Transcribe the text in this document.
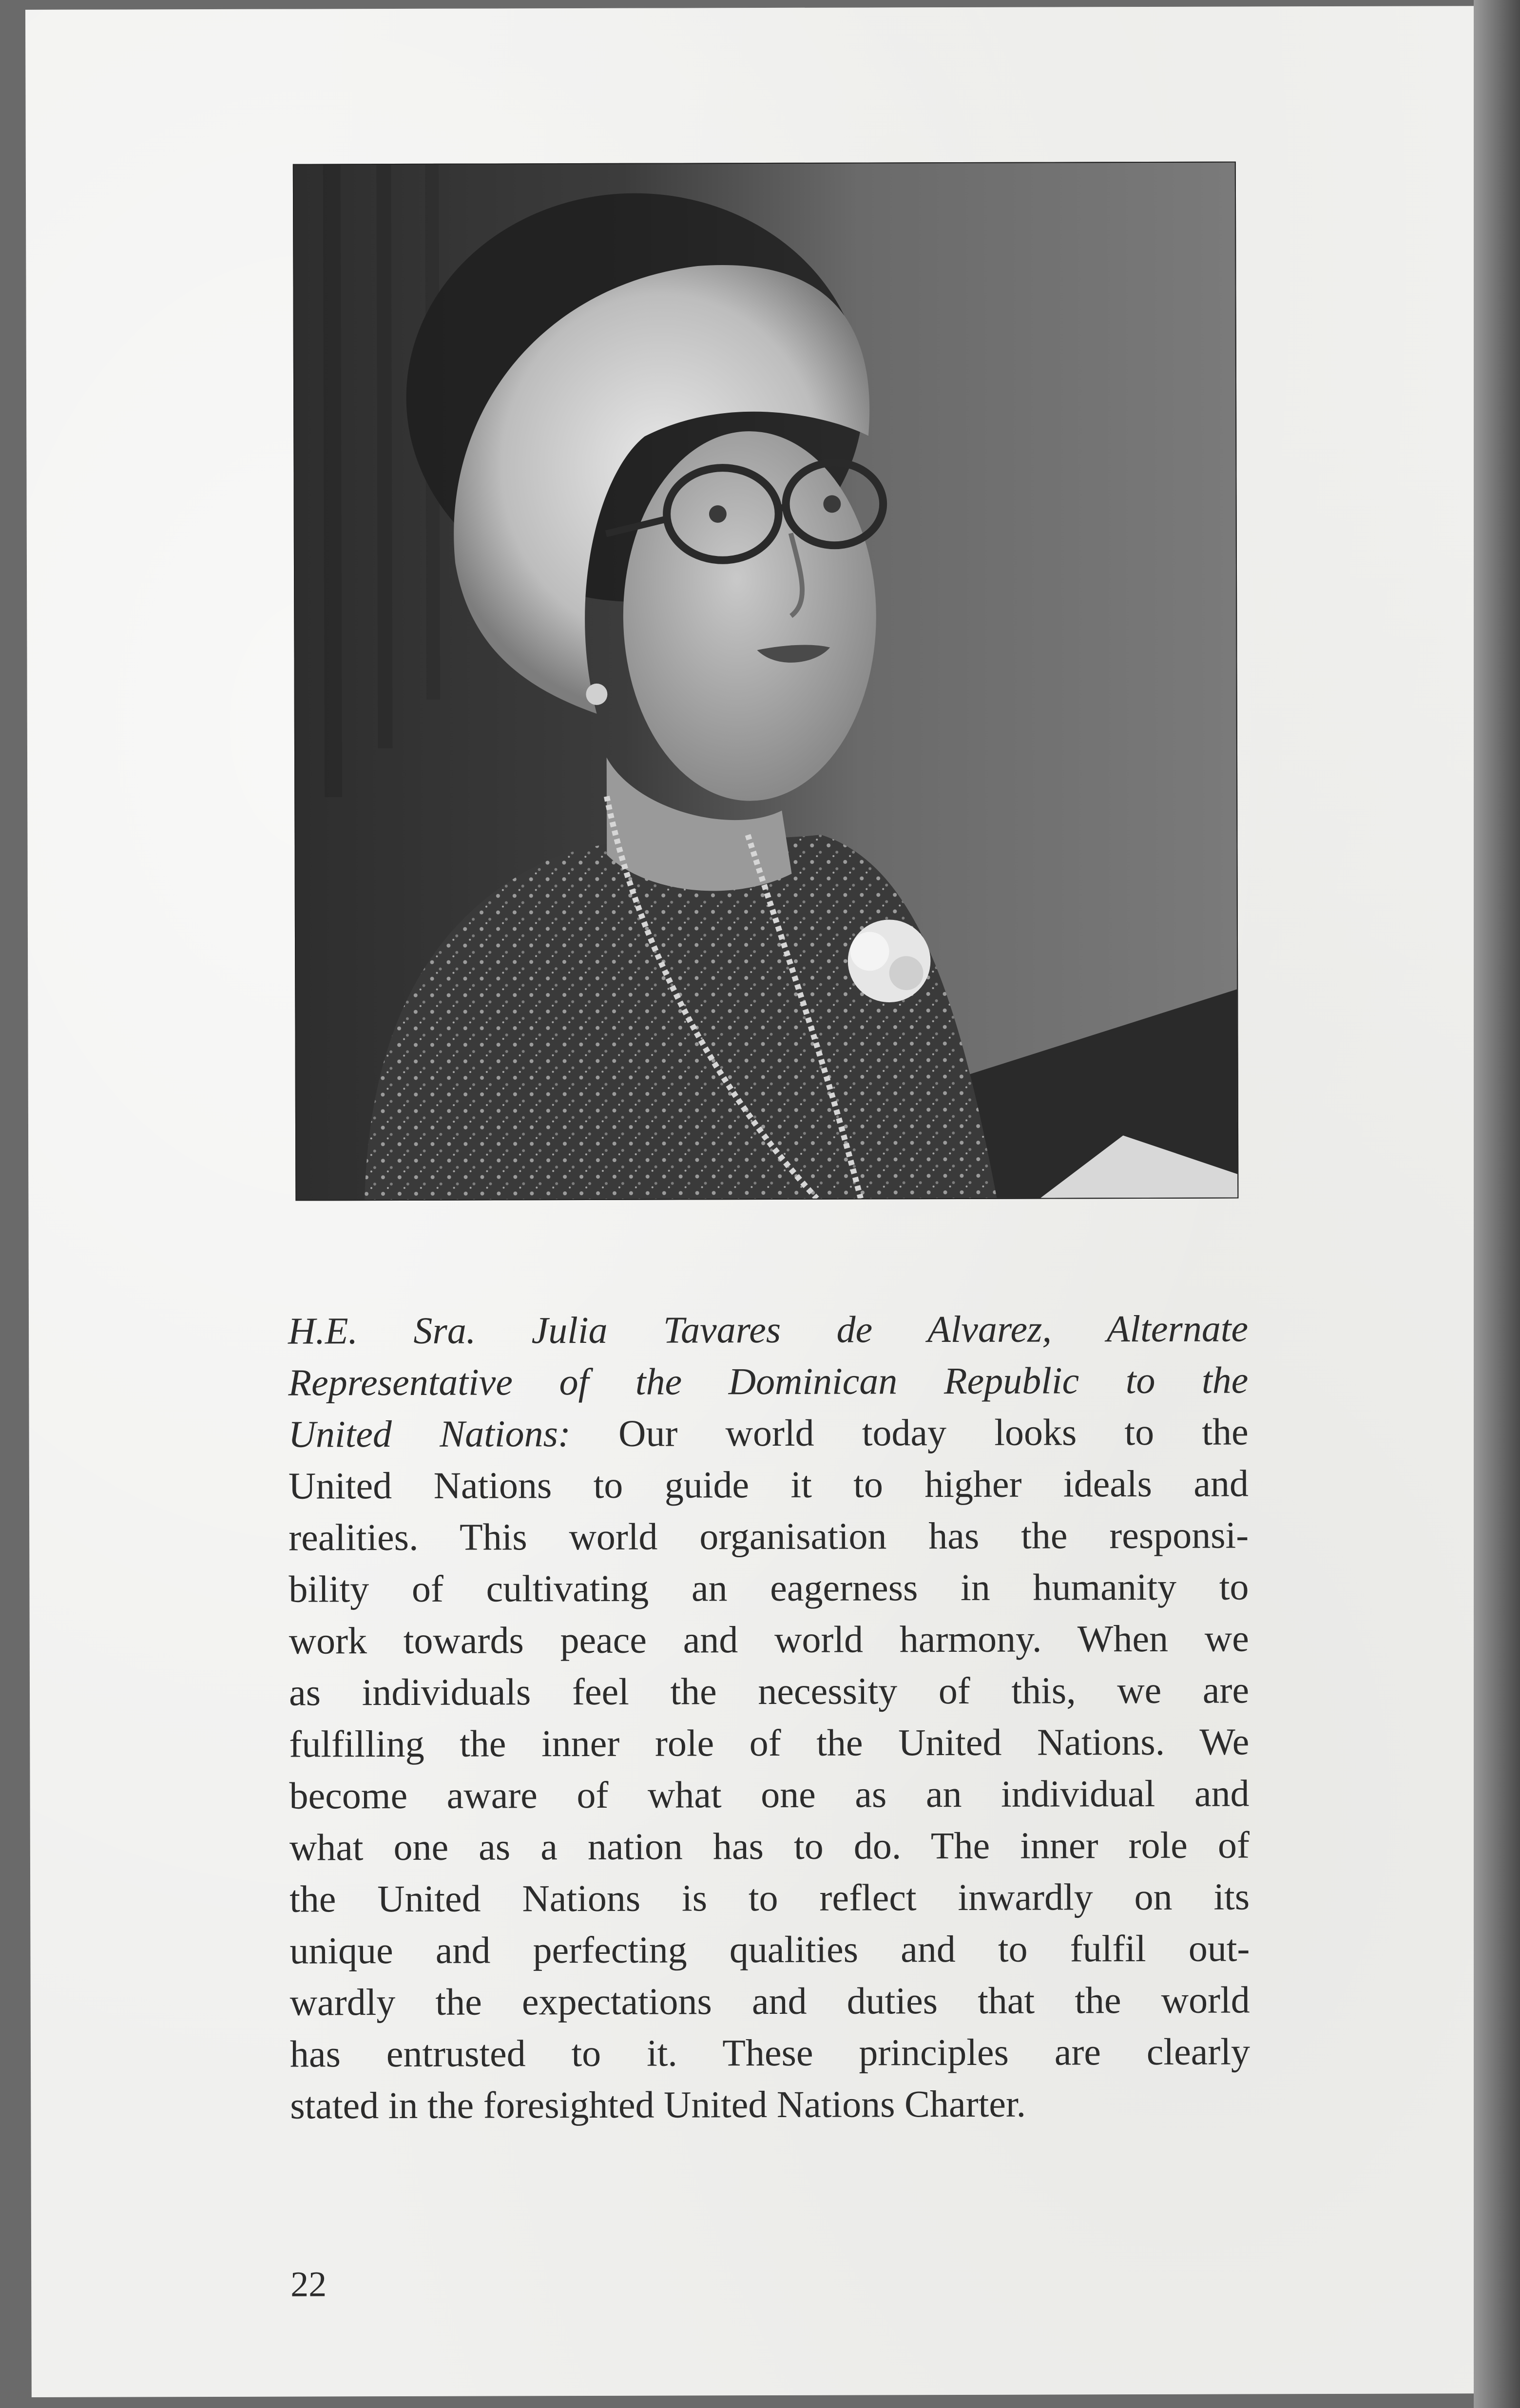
H.E. Sra. Julia Tavares de Alvarez, Alternate
Representative of the Dominican Republic to the
United Nations: Our world today looks to the
United Nations to guide it to higher ideals and
realities. This world organisation has the responsi-
bility of cultivating an eagerness in humanity to
work towards peace and world harmony. When we
as individuals feel the necessity of this, we are
fulfilling the inner role of the United Nations. We
become aware of what one as an individual and
what one as a nation has to do. The inner role of
the United Nations is to reflect inwardly on its
unique and perfecting qualities and to fulfil out-
wardly the expectations and duties that the world
has entrusted to it. These principles are clearly
stated in the foresighted United Nations Charter.

22
